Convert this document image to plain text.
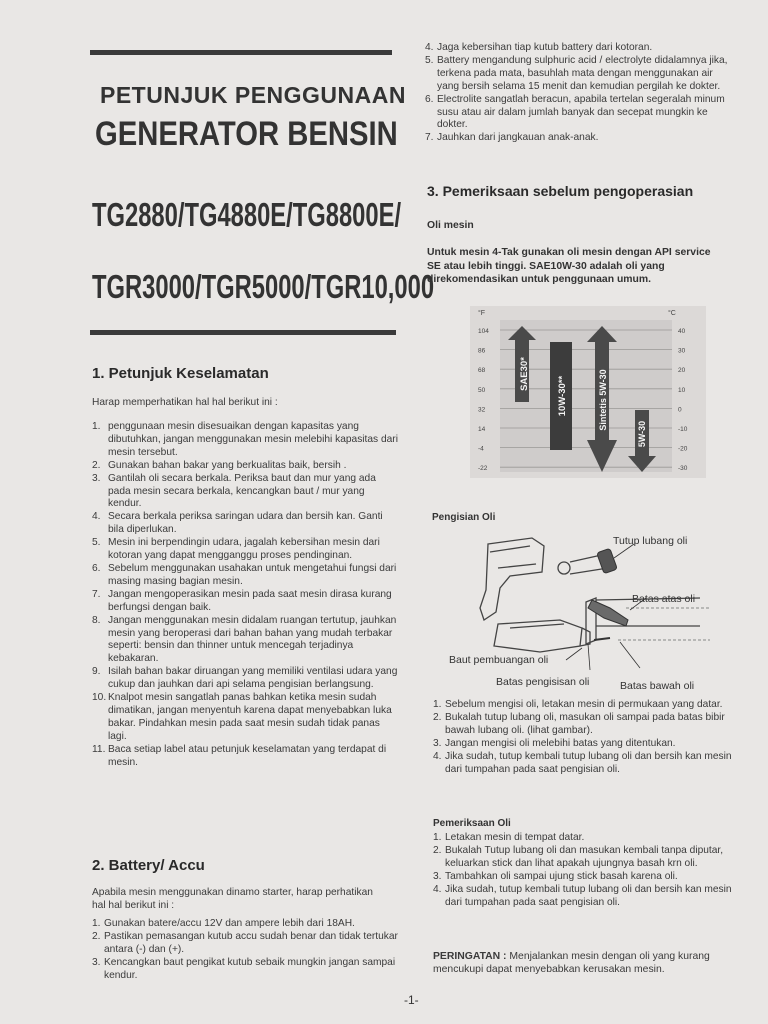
PETUNJUK PENGGUNAAN
GENERATOR BENSIN
TG2880/TG4880E/TG8800E/
TGR3000/TGR5000/TGR10,000
1. Petunjuk Keselamatan
Harap memperhatikan hal hal berikut ini :
1. penggunaan mesin disesuaikan dengan kapasitas yang dibutuhkan, jangan menggunakan mesin melebihi kapasitas dari mesin tersebut.
2. Gunakan bahan bakar yang berkualitas baik, bersih .
3. Gantilah oli secara berkala. Periksa baut dan mur yang ada pada mesin secara berkala, kencangkan baut / mur yang kendur.
4. Secara berkala periksa saringan udara dan bersih kan. Ganti bila diperlukan.
5. Mesin ini berpendingin udara, jagalah kebersihan mesin dari kotoran yang dapat mengganggu proses pendinginan.
6. Sebelum menggunakan usahakan untuk mengetahui fungsi dari masing masing bagian mesin.
7. Jangan mengoperasikan mesin pada saat mesin dirasa kurang berfungsi dengan baik.
8. Jangan menggunakan mesin didalam ruangan tertutup, jauhkan mesin yang beroperasi dari bahan bahan yang mudah terbakar seperti: bensin dan thinner untuk mencegah terjadinya kebakaran.
9. Isilah bahan bakar diruangan yang memiliki ventilasi udara yang cukup dan jauhkan dari api selama pengisian berlangsung.
10. Knalpot mesin sangatlah panas bahkan ketika mesin sudah dimatikan, jangan menyentuh karena dapat menyebabkan luka bakar. Pindahkan mesin pada saat mesin sudah tidak panas lagi.
11. Baca setiap label atau petunjuk keselamatan yang terdapat di mesin.
2. Battery/ Accu
Apabila mesin menggunakan dinamo starter, harap perhatikan hal hal berikut ini :
1. Gunakan batere/accu 12V dan ampere lebih dari 18AH.
2. Pastikan pemasangan kutub accu sudah benar dan tidak tertukar antara (-) dan (+).
3. Kencangkan baut pengikat kutub sebaik mungkin jangan sampai kendur.
4. Jaga kebersihan tiap kutub battery dari kotoran.
5. Battery mengandung sulphuric acid / electrolyte didalamnya jika, terkena pada mata, basuhlah mata dengan menggunakan air yang bersih selama 15 menit dan kemudian pergilah ke dokter.
6. Electrolite sangatlah beracun, apabila tertelan segeralah minum susu atau air dalam jumlah banyak dan secepat mungkin ke dokter.
7. Jauhkan dari jangkauan anak-anak.
3. Pemeriksaan sebelum pengoperasian
Oli mesin
Untuk mesin 4-Tak gunakan oli mesin dengan API service SE atau lebih tinggi. SAE10W-30 adalah oli yang direkomendasikan untuk penggunaan umum.
°F	°C
104
86
68
50
32
14
-4
-22
40
30
20
10
0
-10
-20
-30
SAE30*
10W-30**	Sintetis 5W-30
5W-30
Pengisian Oli
Tutup lubang oli
Batas atas oli
Baut pembuangan oli
Batas pengisisan oli	Batas bawah oli
1. Sebelum mengisi oli, letakan mesin di permukaan yang datar.
2. Bukalah tutup lubang oli, masukan oli sampai pada batas bibir bawah lubang oli. (lihat gambar).
3. Jangan mengisi oli melebihi batas yang ditentukan.
4. Jika sudah, tutup kembali tutup lubang oli dan bersih kan mesin dari tumpahan pada saat pengisian oli.
Pemeriksaan Oli
1. Letakan mesin di tempat datar.
2. Bukalah Tutup lubang oli dan masukan kembali tanpa diputar, keluarkan stick dan lihat apakah ujungnya basah krn oli.
3. Tambahkan oli sampai ujung stick basah karena oli.
4. Jika sudah, tutup kembali tutup lubang oli dan bersih kan mesin dari tumpahan pada saat pengisian oli.
PERINGATAN : Menjalankan mesin dengan oli yang kurang mencukupi dapat menyebabkan kerusakan mesin.
-1-
